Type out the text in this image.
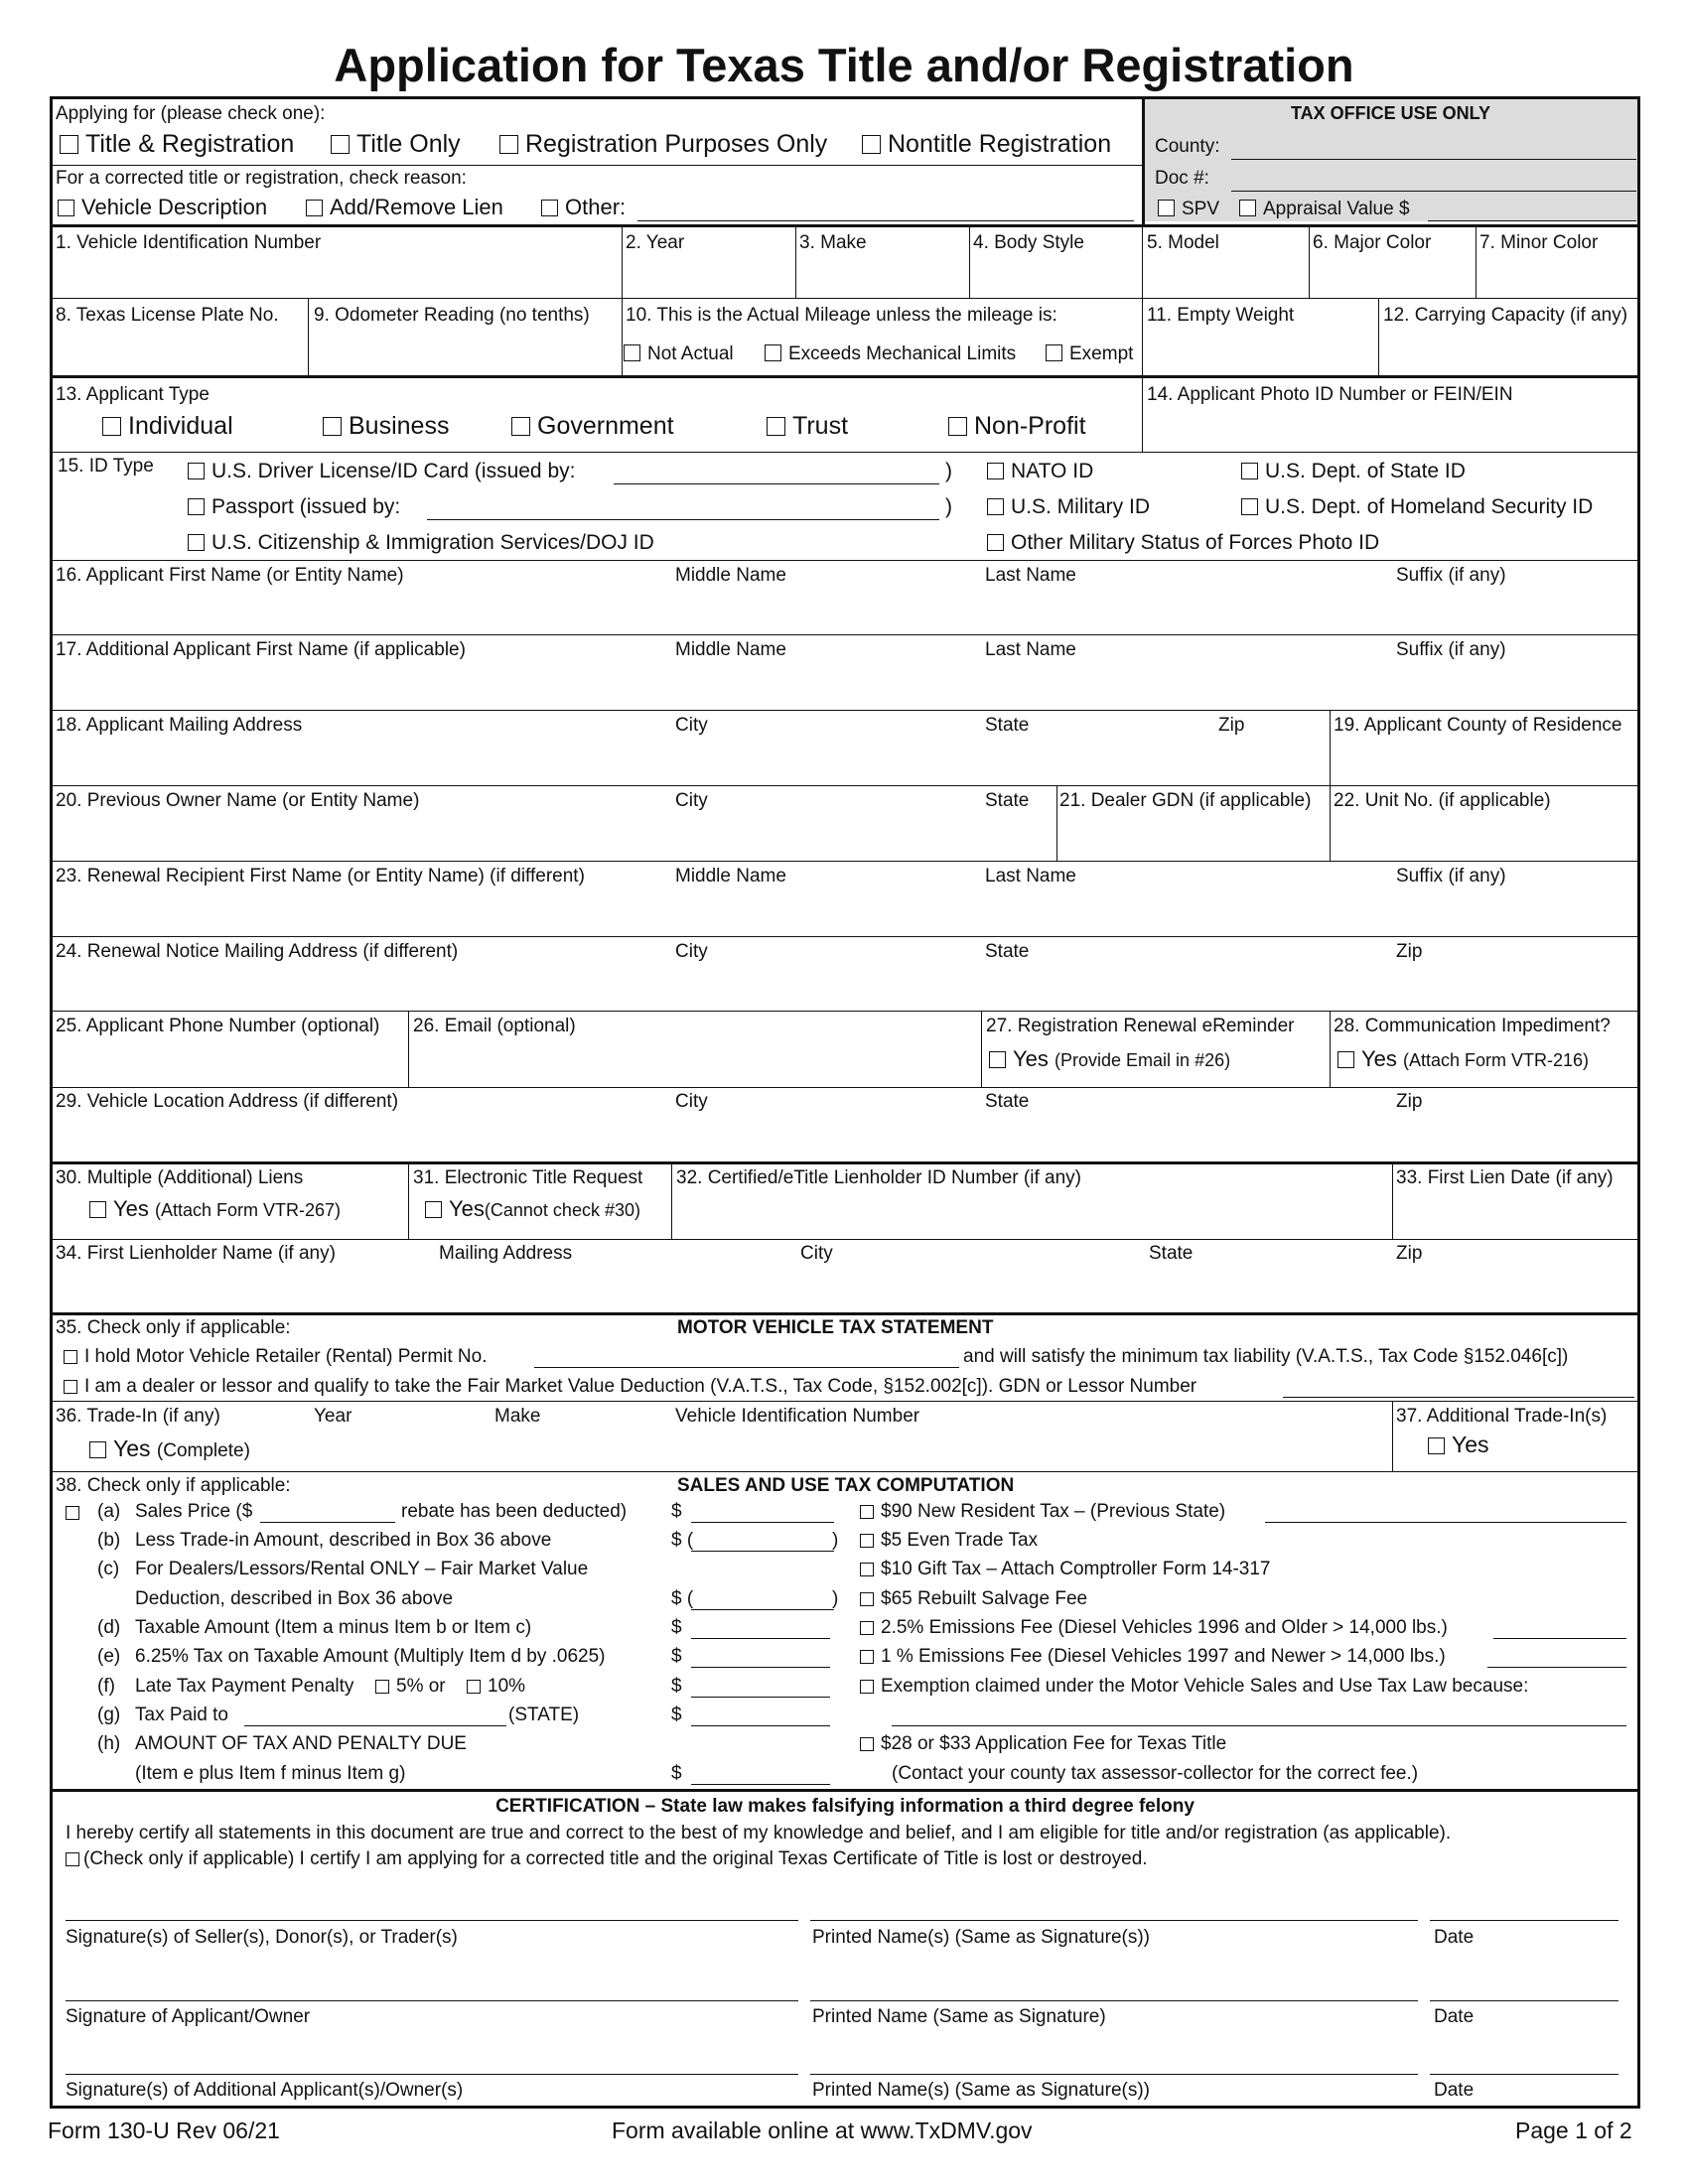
Application for Texas Title and/or Registration
Applying for (please check one):
Title & Registration	Title Only	Registration Purposes Only	Nontitle Registration
For a corrected title or registration, check reason:
Vehicle Description	Add/Remove Lien	Other:
TAX OFFICE USE ONLY
County:
Doc #:
SPV	Appraisal Value $
1. Vehicle Identification Number	2. Year	3. Make	4. Body Style	5. Model	6. Major Color	7. Minor Color
8. Texas License Plate No. 9. Odometer Reading (no tenths) 10. This is the Actual Mileage unless the mileage is:
Not Actual	Exceeds Mechanical Limits	Exempt
11. Empty Weight	12. Carrying Capacity (if any)
13. Applicant Type
Individual	Business	Government	Trust	Non-Profit
14. Applicant Photo ID Number or FEIN/EIN
15. ID Type	U.S. Driver License/ID Card (issued by:	)
Passport (issued by:	)
U.S. Citizenship & Immigration Services/DOJ ID
NATO ID
U.S. Military ID
Other Military Status of Forces Photo ID
U.S. Dept. of State ID
U.S. Dept. of Homeland Security ID
16. Applicant First Name (or Entity Name)	Middle Name	Last Name	Suffix (if any)
17. Additional Applicant First Name (if applicable)	Middle Name	Last Name	Suffix (if any)
18. Applicant Mailing Address	City	State	Zip	19. Applicant County of Residence
20. Previous Owner Name (or Entity Name)	City	State 21. Dealer GDN (if applicable) 22. Unit No. (if applicable)
23. Renewal Recipient First Name (or Entity Name) (if different)	Middle Name	Last Name	Suffix (if any)
24. Renewal Notice Mailing Address (if different)	City	State	Zip
25. Applicant Phone Number (optional) 26. Email (optional)	27. Registration Renewal eReminder
Yes (Provide Email in #26)
28. Communication Impediment?
Yes (Attach Form VTR-216)
29. Vehicle Location Address (if different)	City	State	Zip
30. Multiple (Additional) Liens
Yes (Attach Form VTR-267)
31. Electronic Title Request
Yes(Cannot check #30)
32. Certified/eTitle Lienholder ID Number (if any)	33. First Lien Date (if any)
34. First Lienholder Name (if any)	Mailing Address	City	State	Zip
35. Check only if applicable:	MOTOR VEHICLE TAX STATEMENT
I hold Motor Vehicle Retailer (Rental) Permit No.	and will satisfy the minimum tax liability (V.A.T.S., Tax Code §152.046[c])
I am a dealer or lessor and qualify to take the Fair Market Value Deduction (V.A.T.S., Tax Code, §152.002[c]). GDN or Lessor Number
36. Trade-In (if any)	Year	Make	Vehicle Identification Number
Yes (Complete)
37. Additional Trade-In(s)
Yes
38. Check only if applicable:	SALES AND USE TAX COMPUTATION
(a) Sales Price ($	rebate has been deducted) $
(b) Less Trade-in Amount, described in Box 36 above	$ (	)
(c) For Dealers/Lessors/Rental ONLY – Fair Market Value
Deduction, described in Box 36 above	$ (	)
(d) Taxable Amount (Item a minus Item b or Item c)	$
(e) 6.25% Tax on Taxable Amount (Multiply Item d by .0625)	$
(f) Late Tax Payment Penalty	5% or	10%	$
(g) Tax Paid to	(STATE)	$
(h) AMOUNT OF TAX AND PENALTY DUE
(Item e plus Item f minus Item g)	$
$90 New Resident Tax – (Previous State)
$5 Even Trade Tax
$10 Gift Tax – Attach Comptroller Form 14-317
$65 Rebuilt Salvage Fee
2.5% Emissions Fee (Diesel Vehicles 1996 and Older > 14,000 lbs.)
1 % Emissions Fee (Diesel Vehicles 1997 and Newer > 14,000 lbs.)
Exemption claimed under the Motor Vehicle Sales and Use Tax Law because:
$28 or $33 Application Fee for Texas Title
(Contact your county tax assessor-collector for the correct fee.)
CERTIFICATION – State law makes falsifying information a third degree felony
I hereby certify all statements in this document are true and correct to the best of my knowledge and belief, and I am eligible for title and/or registration (as applicable).
(Check only if applicable) I certify I am applying for a corrected title and the original Texas Certificate of Title is lost or destroyed.
Signature(s) of Seller(s), Donor(s), or Trader(s)	Printed Name(s) (Same as Signature(s))	Date
Signature of Applicant/Owner	Printed Name (Same as Signature)	Date
Signature(s) of Additional Applicant(s)/Owner(s)	Printed Name(s) (Same as Signature(s))	Date
Form 130-U Rev 06/21	Form available online at www.TxDMV.gov	Page 1 of 2
